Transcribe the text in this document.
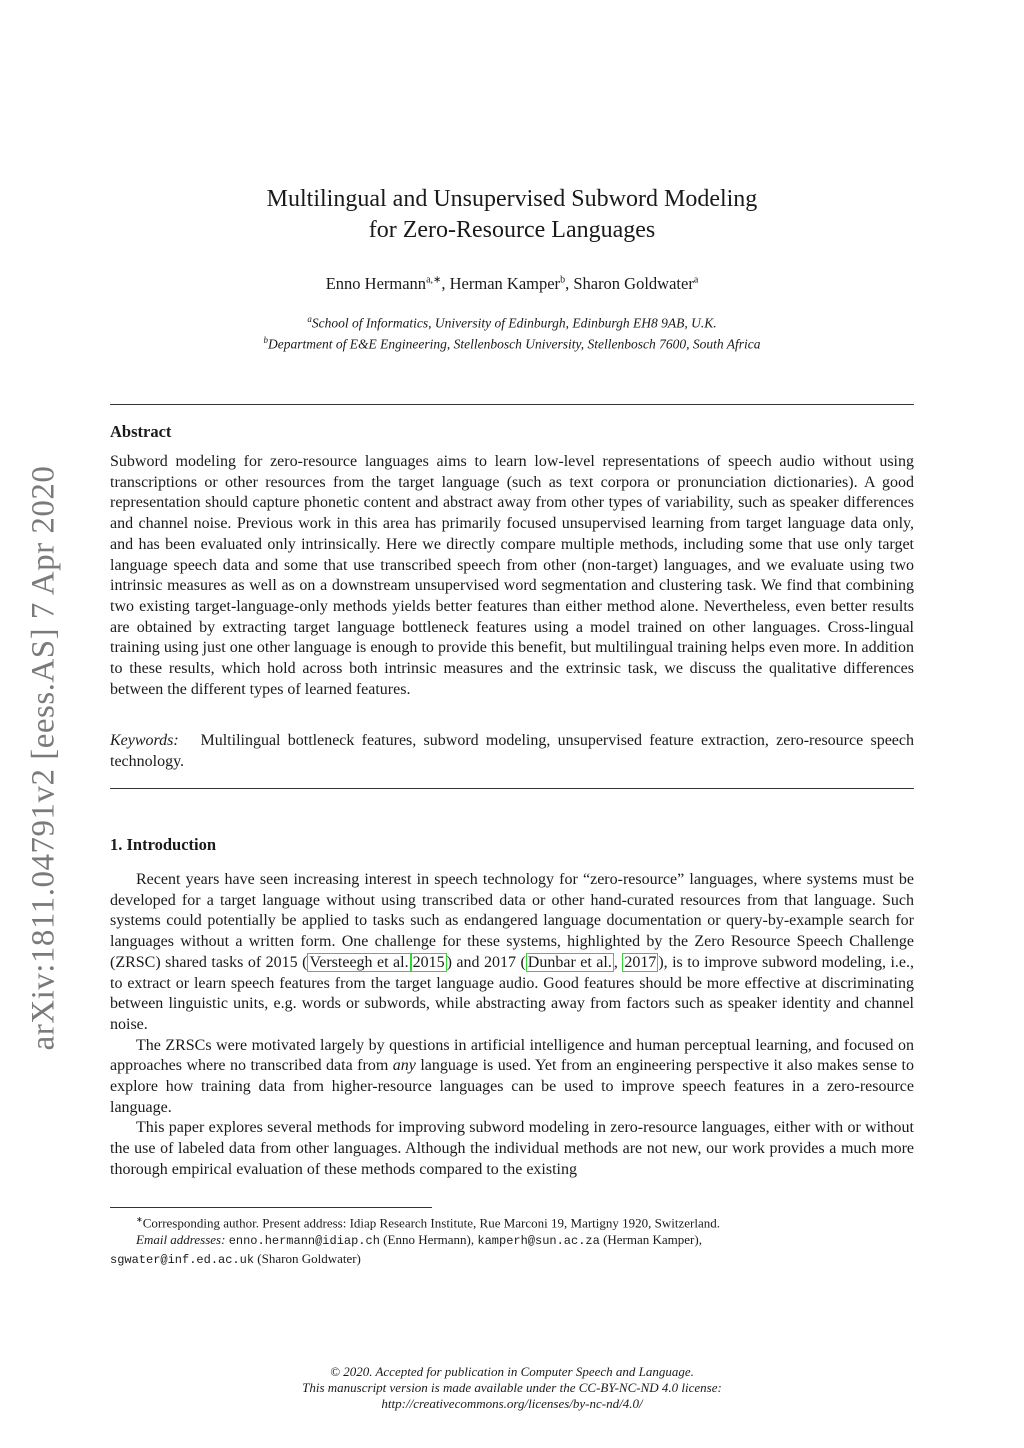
arXiv:1811.04791v2 [eess.AS] 7 Apr 2020
Multilingual and Unsupervised Subword Modeling
for Zero-Resource Languages
Enno Hermann$^{a,∗}$, Herman Kamper$^b$, Sharon Goldwater$^a$
$^a$School of Informatics, University of Edinburgh, Edinburgh EH8 9AB, U.K.
$^b$Department of E&E Engineering, Stellenbosch University, Stellenbosch 7600, South Africa
Abstract

Subword modeling for zero-resource languages aims to learn low-level representations of speech audio without using transcriptions or other resources from the target language (such as text corpora or pronunciation dictionaries). A good representation should capture phonetic content and abstract away from other types of variability, such as speaker differences and channel noise. Previous work in this area has primarily focused unsupervised learning from target language data only, and has been evaluated only intrinsically. Here we directly compare multiple methods, including some that use only target language speech data and some that use transcribed speech from other (non-target) languages, and we evaluate using two intrinsic measures as well as on a downstream unsupervised word segmentation and clustering task. We find that combining two existing target-language-only methods yields better features than either method alone. Nevertheless, even better results are obtained by extracting target language bottleneck features using a model trained on other languages. Cross-lingual training using just one other language is enough to provide this benefit, but multilingual training helps even more. In addition to these results, which hold across both intrinsic measures and the extrinsic task, we discuss the qualitative differences between the different types of learned features.

Keywords: Multilingual bottleneck features, subword modeling, unsupervised feature extraction, zero-resource speech technology.

1. Introduction

Recent years have seen increasing interest in speech technology for “zero-resource” languages, where systems must be developed for a target language without using transcribed data or other hand-curated resources from that language. Such systems could potentially be applied to tasks such as endangered language documentation or query-by-example search for languages without a written form. One challenge for these systems, highlighted by the Zero Resource Speech Challenge (ZRSC) shared tasks of 2015 ( Versteegh et al. 2015 ) and 2017 ( Dunbar et al. , 2017 ), is to improve subword modeling, i.e., to extract or learn speech features from the target language audio. Good features should be more effective at discriminating between linguistic units, e.g. words or subwords, while abstracting away from factors such as speaker identity and channel noise.

The ZRSCs were motivated largely by questions in artificial intelligence and human perceptual learning, and focused on approaches where no transcribed data from any language is used. Yet from an engineering perspective it also makes sense to explore how training data from higher-resource languages can be used to improve speech features in a zero-resource language.

This paper explores several methods for improving subword modeling in zero-resource languages, either with or without the use of labeled data from other languages. Although the individual methods are not new, our work provides a much more thorough empirical evaluation of these methods compared to the existing

∗Corresponding author. Present address: Idiap Research Institute, Rue Marconi 19, Martigny 1920, Switzerland.

Email addresses: enno.hermann@idiap.ch (Enno Hermann), kamperh@sun.ac.za (Herman Kamper),

sgwater@inf.ed.ac.uk (Sharon Goldwater)

© 2020. Accepted for publication in Computer Speech and Language.
This manuscript version is made available under the CC-BY-NC-ND 4.0 license:
http://creativecommons.org/licenses/by-nc-nd/4.0/
